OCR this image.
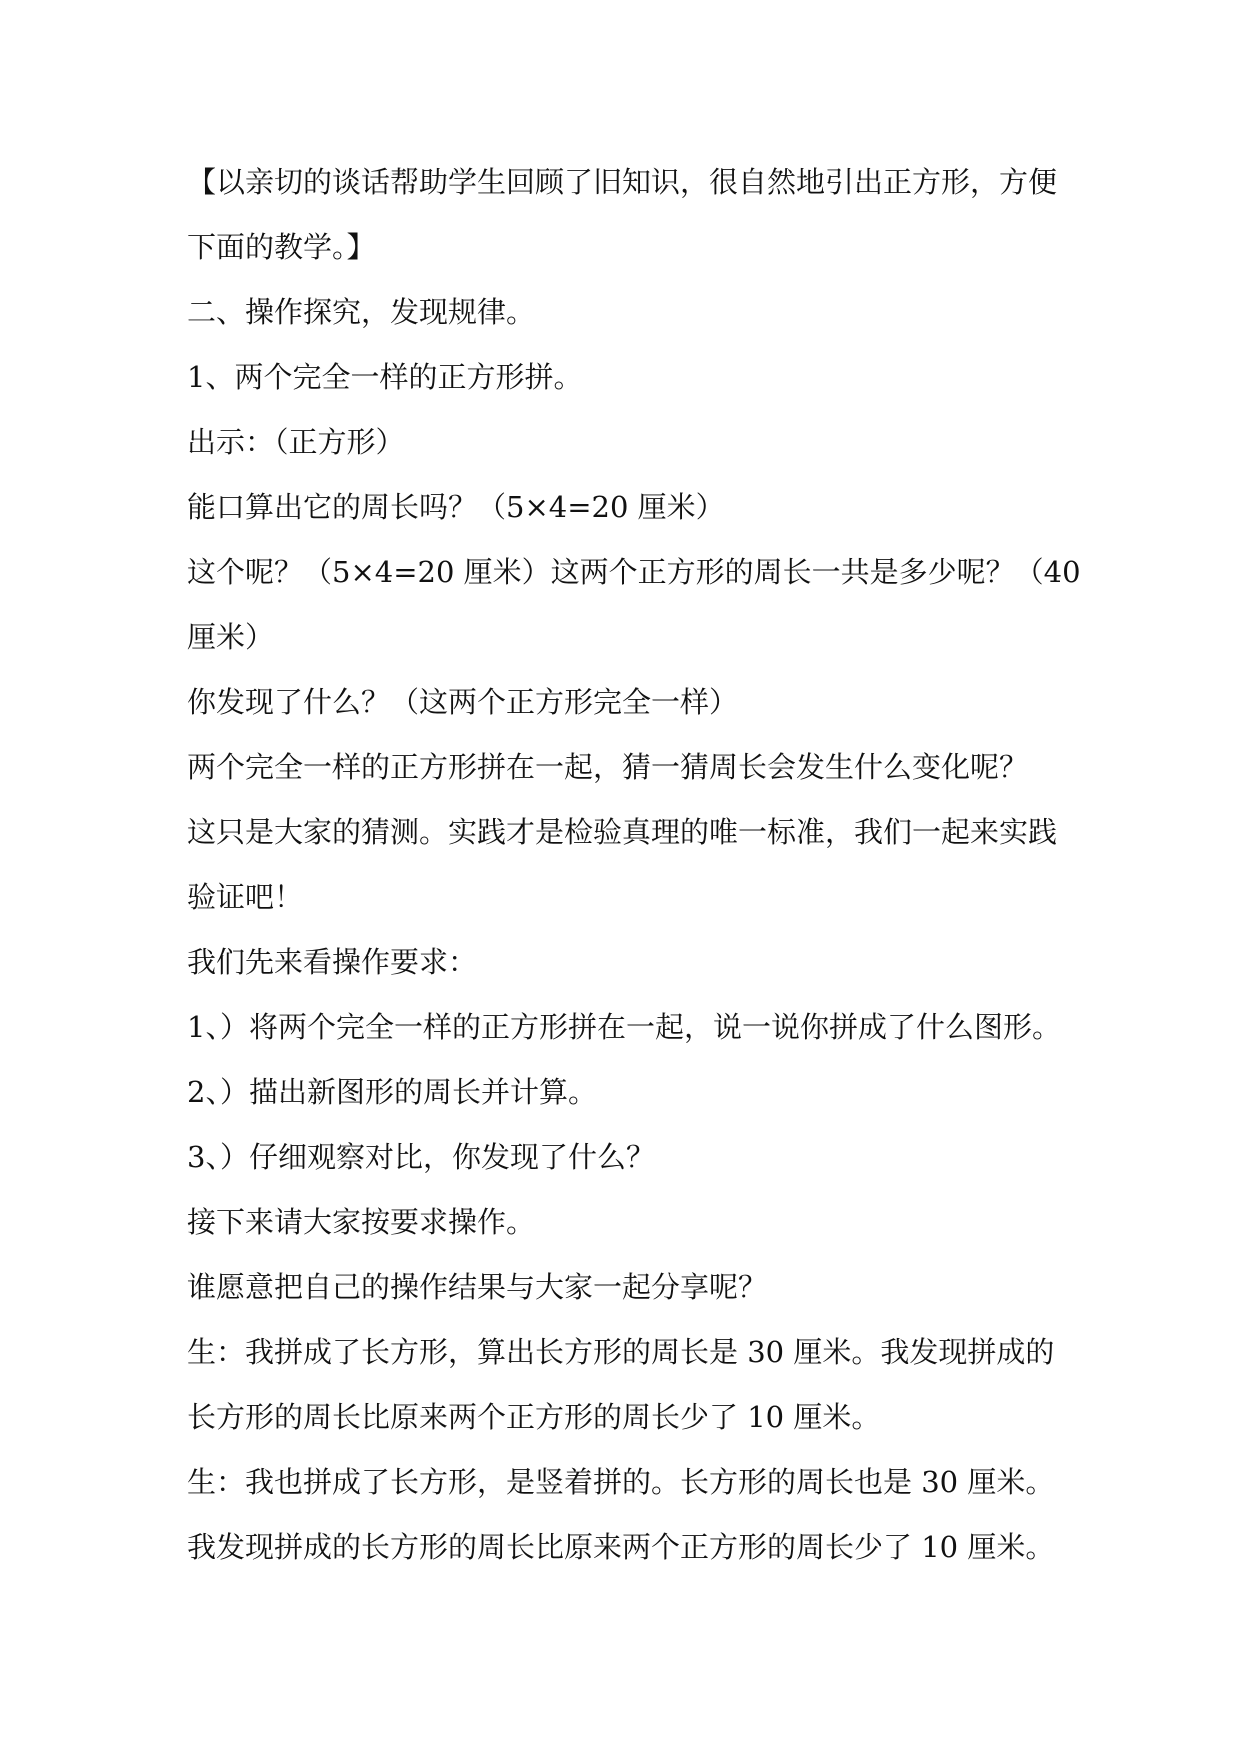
【以亲切的谈话帮助学生回顾了旧知识，很自然地引出正方形，方便
下面的教学。】
二、操作探究，发现规律。
1、两个完全一样的正方形拼。
出示：（正方形）
能口算出它的周长吗？（5×4=20 厘米）
这个呢？（5×4=20 厘米）这两个正方形的周长一共是多少呢？（40
厘米）
你发现了什么？（这两个正方形完全一样）
两个完全一样的正方形拼在一起，猜一猜周长会发生什么变化呢？
这只是大家的猜测。实践才是检验真理的唯一标准，我们一起来实践
验证吧！
我们先来看操作要求：
1、）将两个完全一样的正方形拼在一起，说一说你拼成了什么图形。
2、）描出新图形的周长并计算。
3、）仔细观察对比，你发现了什么？
接下来请大家按要求操作。
谁愿意把自己的操作结果与大家一起分享呢？
生：我拼成了长方形，算出长方形的周长是 30 厘米。我发现拼成的
长方形的周长比原来两个正方形的周长少了 10 厘米。
生：我也拼成了长方形，是竖着拼的。长方形的周长也是 30 厘米。
我发现拼成的长方形的周长比原来两个正方形的周长少了 10 厘米。
